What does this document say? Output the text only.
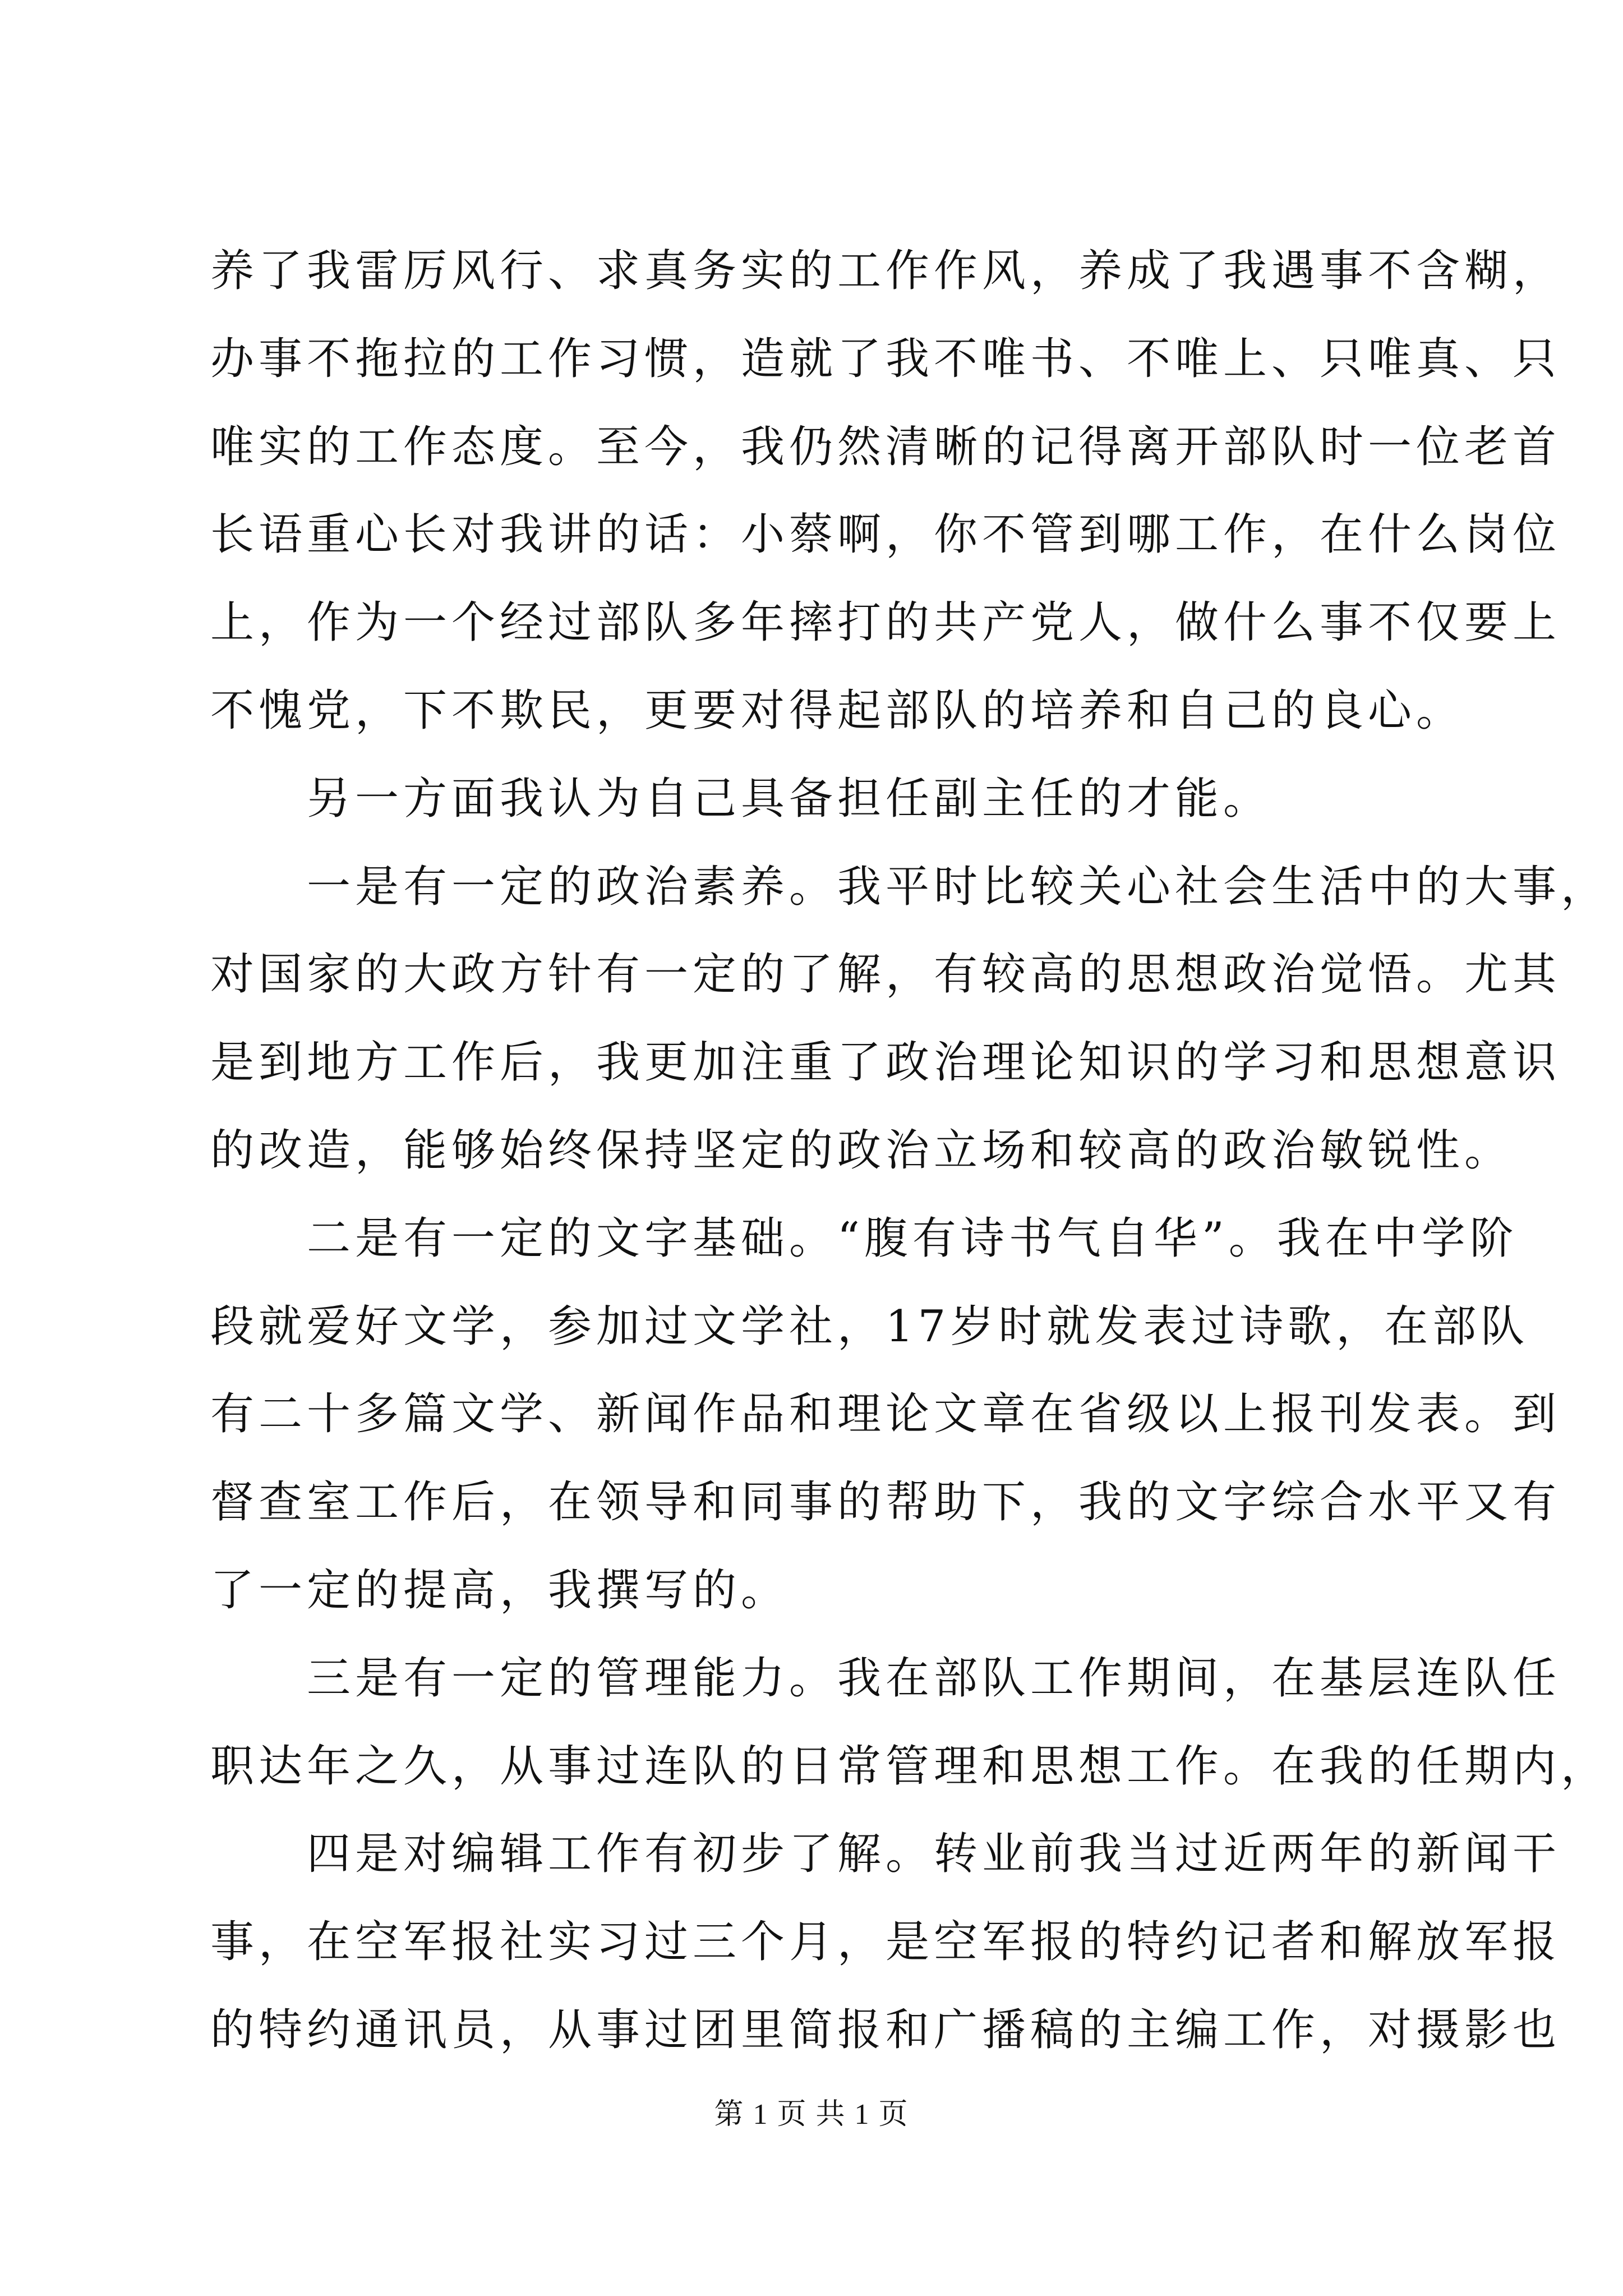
养了我雷厉风行、求真务实的工作作风，养成了我遇事不含糊，
办事不拖拉的工作习惯，造就了我不唯书、不唯上、只唯真、只
唯实的工作态度。至今，我仍然清晰的记得离开部队时一位老首
长语重心长对我讲的话：小蔡啊，你不管到哪工作，在什么岗位
上，作为一个经过部队多年摔打的共产党人，做什么事不仅要上
不愧党，下不欺民，更要对得起部队的培养和自己的良心。
另一方面我认为自己具备担任副主任的才能。
一是有一定的政治素养。我平时比较关心社会生活中的大事，
对国家的大政方针有一定的了解，有较高的思想政治觉悟。尤其
是到地方工作后，我更加注重了政治理论知识的学习和思想意识
的改造，能够始终保持坚定的政治立场和较高的政治敏锐性。
二是有一定的文字基础。“腹有诗书气自华”。我在中学阶
段就爱好文学，参加过文学社，17岁时就发表过诗歌，在部队
有二十多篇文学、新闻作品和理论文章在省级以上报刊发表。到
督查室工作后，在领导和同事的帮助下，我的文字综合水平又有
了一定的提高，我撰写的。
三是有一定的管理能力。我在部队工作期间，在基层连队任
职达年之久，从事过连队的日常管理和思想工作。在我的任期内，
四是对编辑工作有初步了解。转业前我当过近两年的新闻干
事，在空军报社实习过三个月，是空军报的特约记者和解放军报
的特约通讯员，从事过团里简报和广播稿的主编工作，对摄影也
第 1 页 共 1 页
